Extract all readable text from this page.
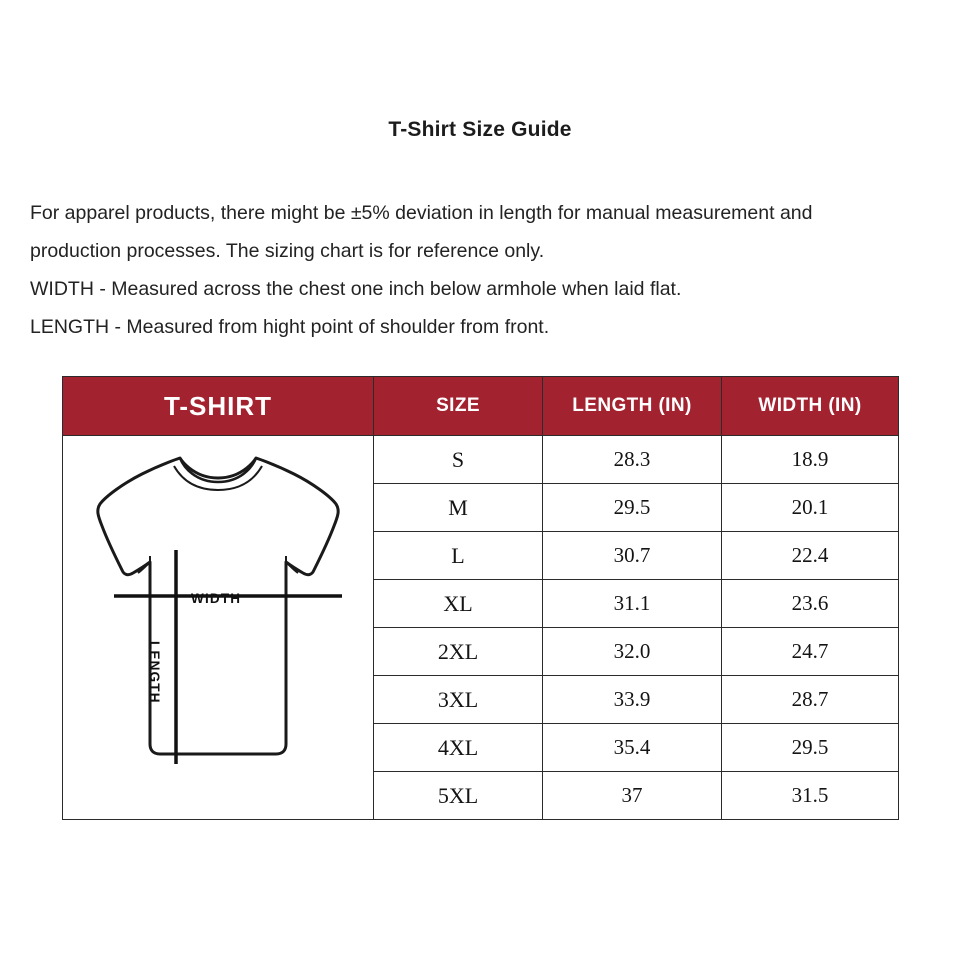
T-Shirt Size Guide

For apparel products, there might be ±5% deviation in length for manual measurement and production processes. The sizing chart is for reference only.

WIDTH - Measured across the chest one inch below armhole when laid flat.

LENGTH - Measured from hight point of shoulder from front.

T-SHIRT	SIZE	LENGTH (IN)	WIDTH (IN)

WIDTH
LENGTH	S	28.3	18.9
	M	29.5	20.1
	L	30.7	22.4
	XL	31.1	23.6
	2XL	32.0	24.7
	3XL	33.9	28.7
	4XL	35.4	29.5
	5XL	37	31.5
